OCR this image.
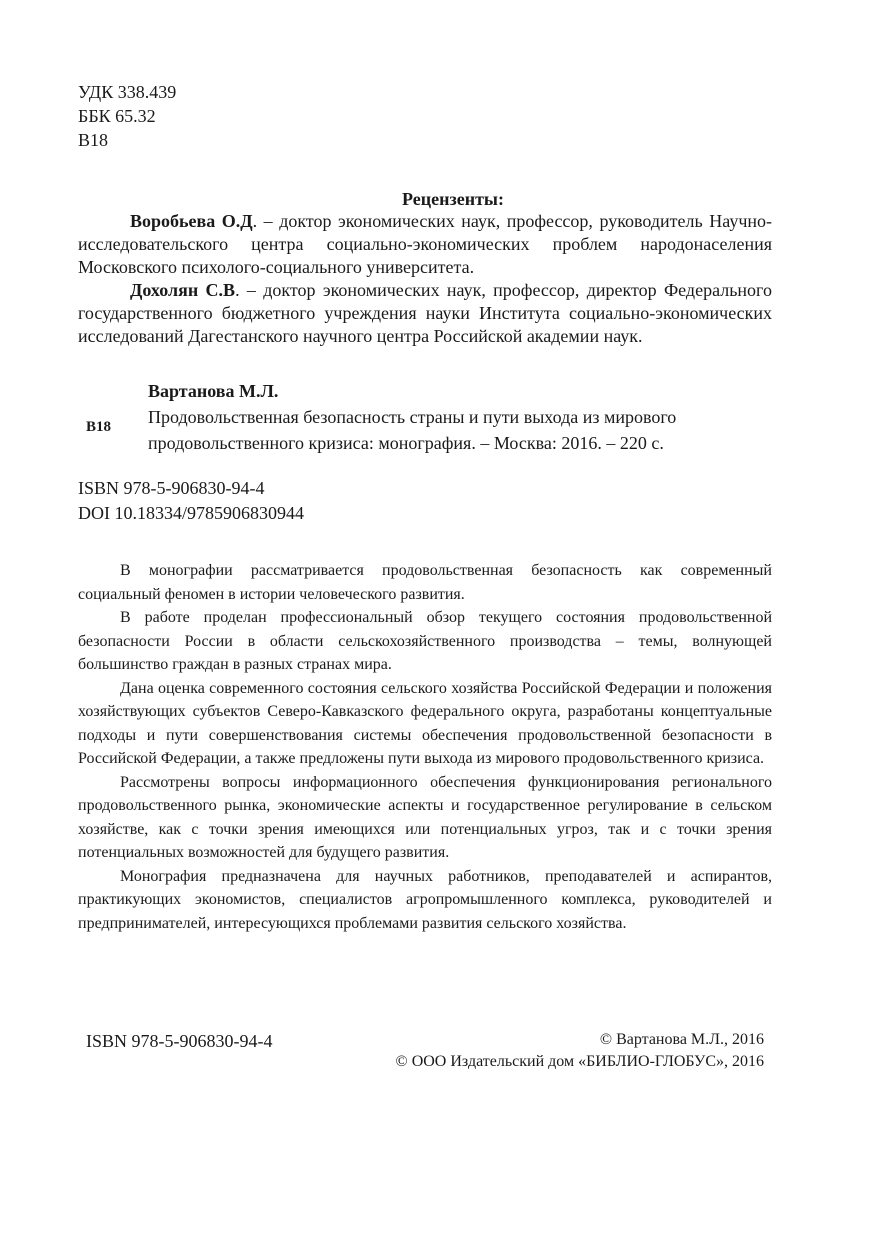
УДК 338.439
ББК 65.32
В18
Рецензенты:

Воробьева О.Д. – доктор экономических наук, профессор, руководитель Научно-исследовательского центра социально-экономических проблем народонаселения Московского психолого-социального университета.

Дохолян С.В. – доктор экономических наук, профессор, директор Федерального государственного бюджетного учреждения науки Института социально-экономических исследований Дагестанского научного центра Российской академии наук.

В18
Вартанова М.Л.
Продовольственная безопасность страны и пути выхода из мирового продовольственного кризиса: монография. – Москва: 2016. – 220 с.
ISBN 978-5-906830-94-4
DOI 10.18334/9785906830944

В монографии рассматривается продовольственная безопасность как современный социальный феномен в истории человеческого развития.

В работе проделан профессиональный обзор текущего состояния продовольственной безопасности России в области сельскохозяйственного производства – темы, волнующей большинство граждан в разных странах мира.

Дана оценка современного состояния сельского хозяйства Российской Федерации и положения хозяйствующих субъектов Северо-Кавказского федерального округа, разработаны концептуальные подходы и пути совершенствования системы обеспечения продовольственной безопасности в Российской Федерации, а также предложены пути выхода из мирового продовольственного кризиса.

Рассмотрены вопросы информационного обеспечения функционирования регионального продовольственного рынка, экономические аспекты и государственное регулирование в сельском хозяйстве, как с точки зрения имеющихся или потенциальных угроз, так и с точки зрения потенциальных возможностей для будущего развития.

Монография предназначена для научных работников, преподавателей и аспирантов, практикующих экономистов, специалистов агропромышленного комплекса, руководителей и предпринимателей, интересующихся проблемами развития сельского хозяйства.

ISBN 978-5-906830-94-4	© Вартанова М.Л., 2016
© ООО Издательский дом «БИБЛИО-ГЛОБУС», 2016
